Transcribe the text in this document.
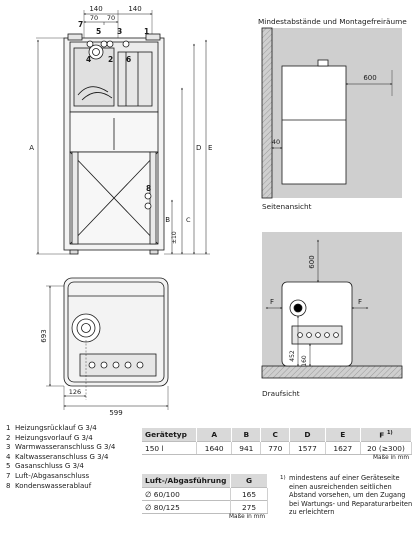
140	140
70 70
7
5 3	1
4 2 6
8
A
B C
D E
±10
693
126
599
600
40
600
F	F
452 160
Mindestabstände und Montagefreiräume
Seitenansicht
Draufsicht
1 Heizungsrücklauf G 3/4
2 Heizungsvorlauf G 3/4
3 Warmwasseranschluss G 3/4
4 Kaltwasseranschluss G 3/4
5 Gasanschluss G 3/4
7 Luft-/Abgasanschluss
8 Kondenswasserablauf
Gerätetyp	A	B	C	D	E	F $^{1)}$
150 l	1640	941	770	1577	1627	20 (≥300)
Maße in mm
Luft-/Abgasführung	G
∅ 60/100	165
∅ 80/125	275
Maße in mm
1) mindestens auf einer Geräteseite einen ausreichenden seitlichen Abstand vorsehen, um den Zugang bei Wartungs- und Reparaturarbeiten zu erleichtern
